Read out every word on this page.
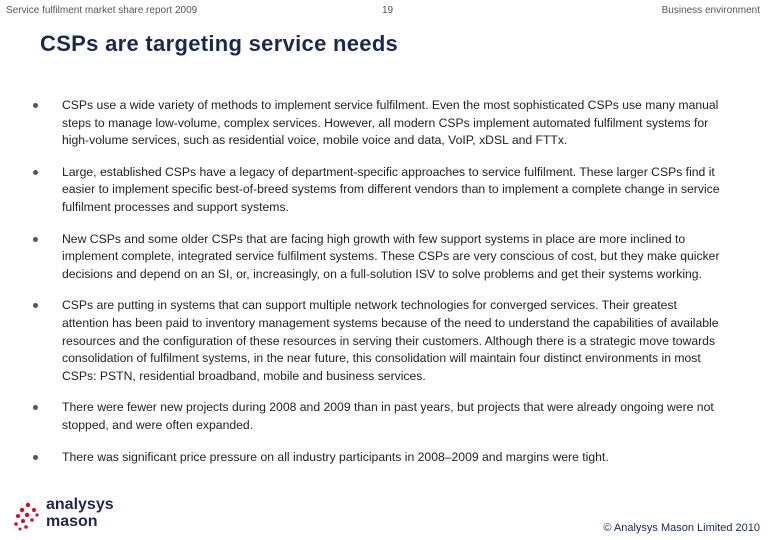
Service fulfilment market share report 2009	19	Business environment
CSPs are targeting service needs
CSPs use a wide variety of methods to implement service fulfilment. Even the most sophisticated CSPs use many manual steps to manage low-volume, complex services. However, all modern CSPs implement automated fulfilment systems for high-volume services, such as residential voice, mobile voice and data, VoIP, xDSL and FTTx.
Large, established CSPs have a legacy of department-specific approaches to service fulfilment. These larger CSPs find it easier to implement specific best-of-breed systems from different vendors than to implement a complete change in service fulfilment processes and support systems.
New CSPs and some older CSPs that are facing high growth with few support systems in place are more inclined to implement complete, integrated service fulfilment systems. These CSPs are very conscious of cost, but they make quicker decisions and depend on an SI, or, increasingly, on a full-solution ISV to solve problems and get their systems working.
CSPs are putting in systems that can support multiple network technologies for converged services. Their greatest attention has been paid to inventory management systems because of the need to understand the capabilities of available resources and the configuration of these resources in serving their customers. Although there is a strategic move towards consolidation of fulfilment systems, in the near future, this consolidation will maintain four distinct environments in most CSPs: PSTN, residential broadband, mobile and business services.
There were fewer new projects during 2008 and 2009 than in past years, but projects that were already ongoing were not stopped, and were often expanded.
There was significant price pressure on all industry participants in 2008–2009 and margins were tight.
analysys
mason	© Analysys Mason Limited 2010
